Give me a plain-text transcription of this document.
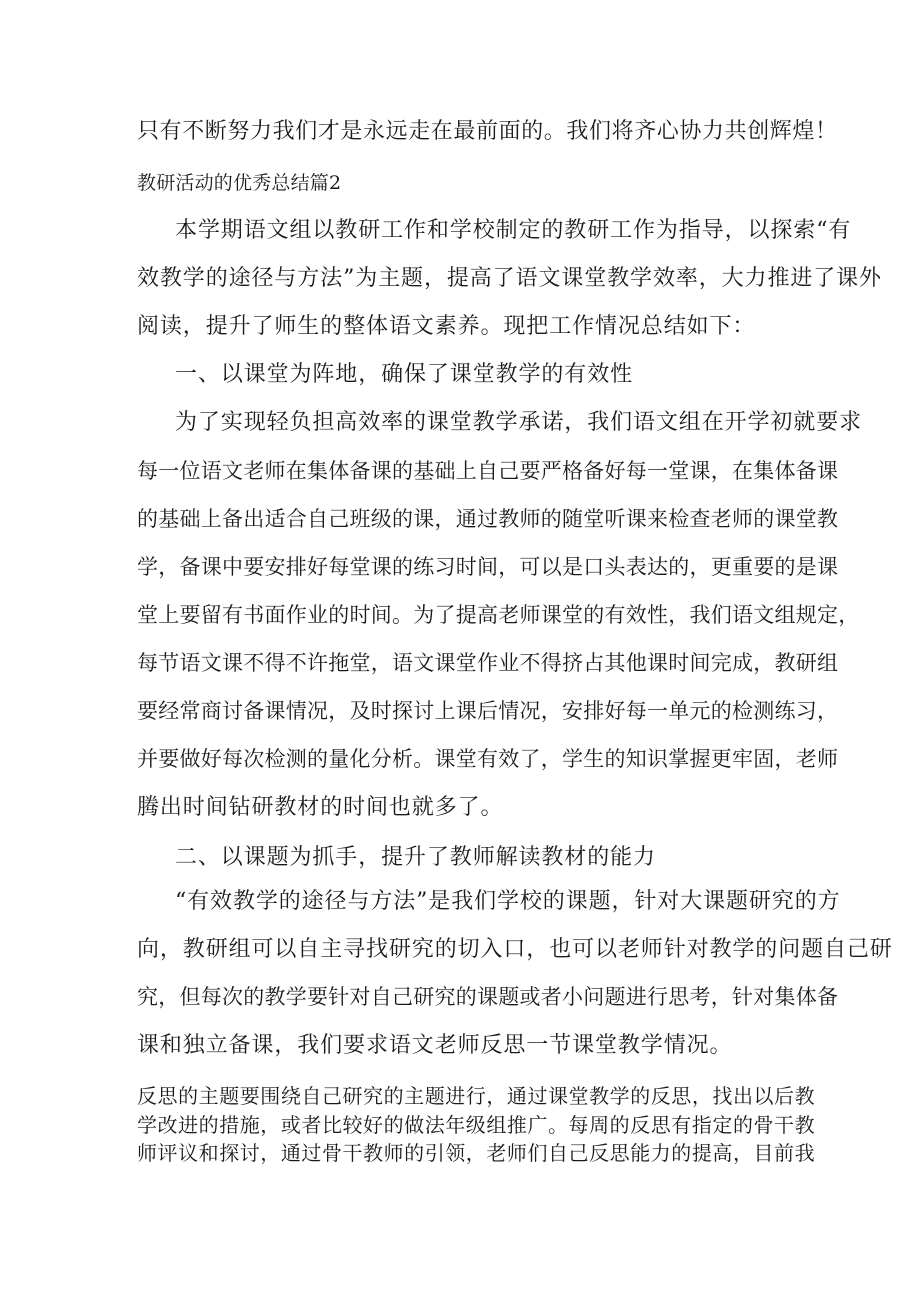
只有不断努力我们才是永远走在最前面的。我们将齐心协力共创辉煌！

教研活动的优秀总结篇2

本学期语文组以教研工作和学校制定的教研工作为指导，以探索“有

效教学的途径与方法”为主题，提高了语文课堂教学效率，大力推进了课外

阅读，提升了师生的整体语文素养。现把工作情况总结如下：

一、以课堂为阵地，确保了课堂教学的有效性

为了实现轻负担高效率的课堂教学承诺，我们语文组在开学初就要求

每一位语文老师在集体备课的基础上自己要严格备好每一堂课，在集体备课

的基础上备出适合自己班级的课，通过教师的随堂听课来检查老师的课堂教

学，备课中要安排好每堂课的练习时间，可以是口头表达的，更重要的是课

堂上要留有书面作业的时间。为了提高老师课堂的有效性，我们语文组规定，

每节语文课不得不许拖堂，语文课堂作业不得挤占其他课时间完成，教研组

要经常商讨备课情况，及时探讨上课后情况，安排好每一单元的检测练习，

并要做好每次检测的量化分析。课堂有效了，学生的知识掌握更牢固，老师

腾出时间钻研教材的时间也就多了。

二、以课题为抓手，提升了教师解读教材的能力

“有效教学的途径与方法”是我们学校的课题，针对大课题研究的方

向，教研组可以自主寻找研究的切入口，也可以老师针对教学的问题自己研

究，但每次的教学要针对自己研究的课题或者小问题进行思考，针对集体备

课和独立备课，我们要求语文老师反思一节课堂教学情况。

反思的主题要围绕自己研究的主题进行，通过课堂教学的反思，找出以后教

学改进的措施，或者比较好的做法年级组推广。每周的反思有指定的骨干教

师评议和探讨，通过骨干教师的引领，老师们自己反思能力的提高，目前我
